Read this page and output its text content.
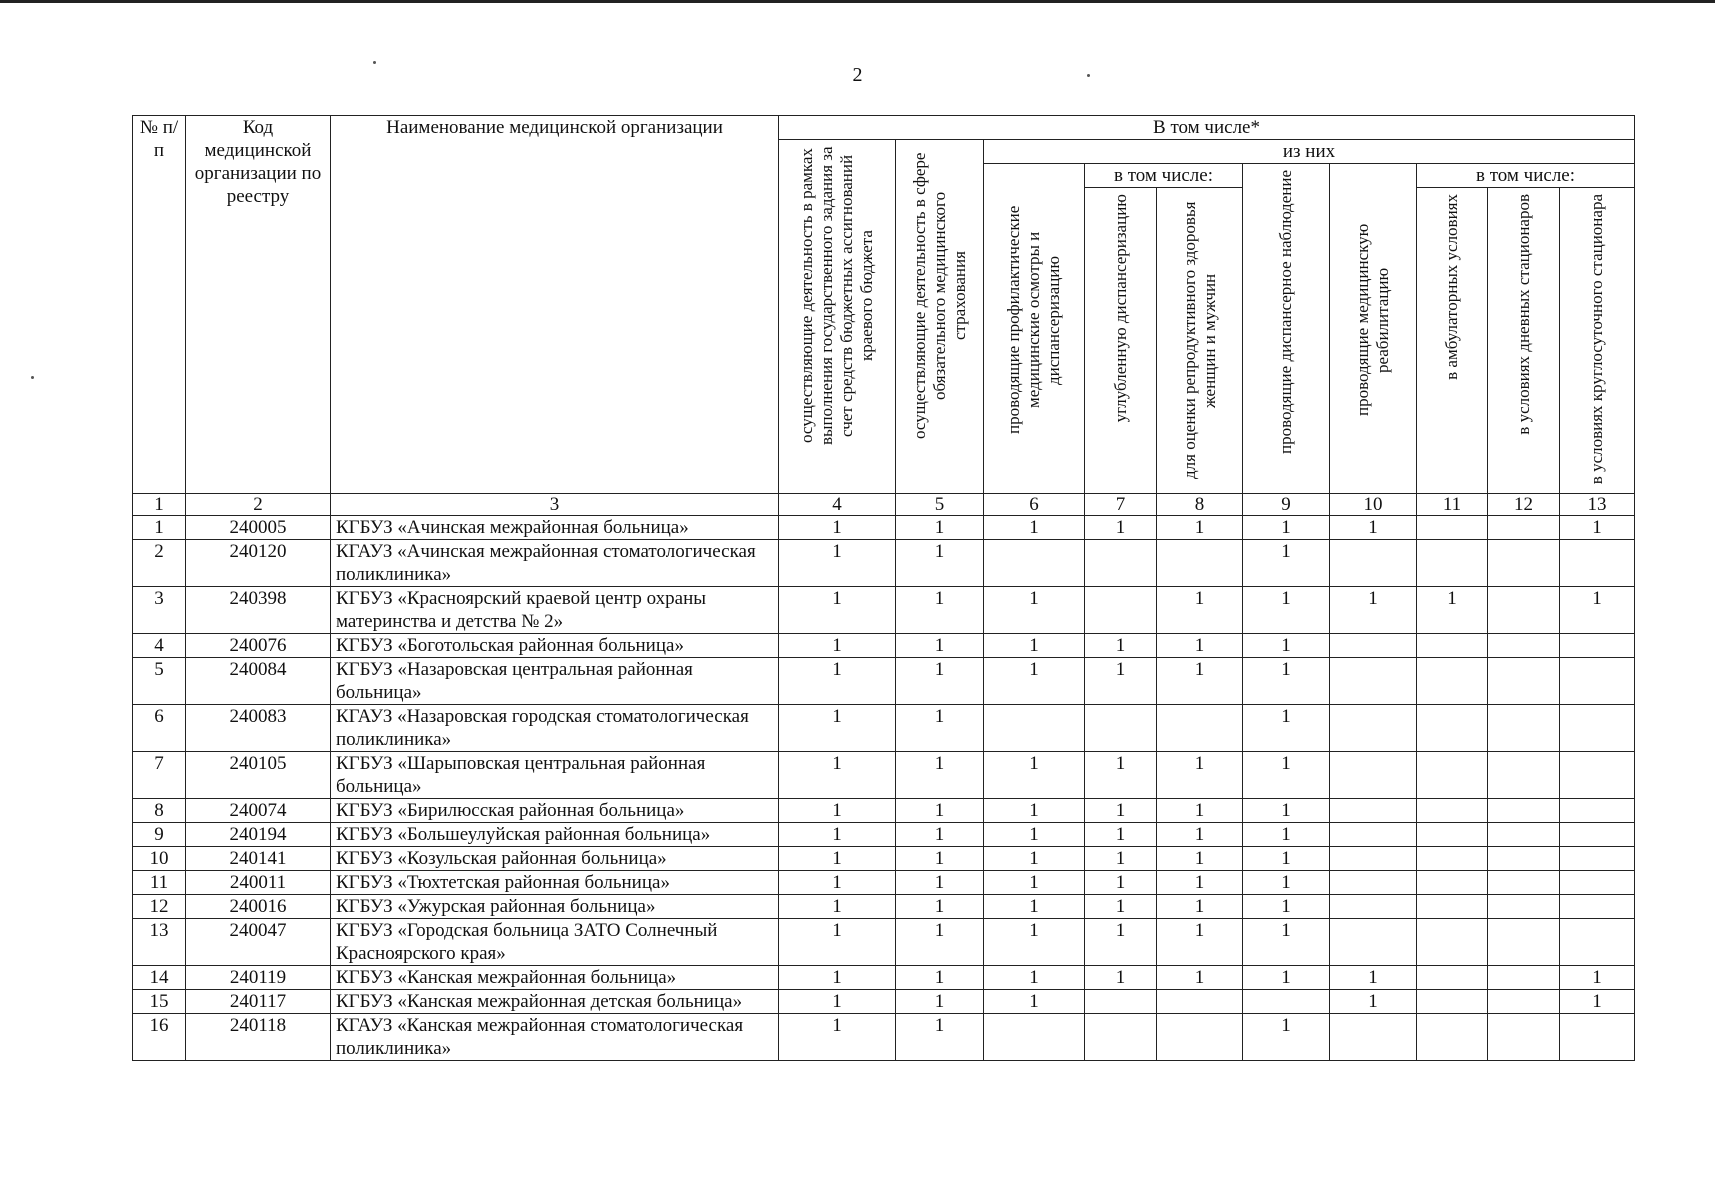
2
№ п/п	Код медицинской организации по реестру	Наименование медицинской организации	В том числе*									

			осуществляющие деятельность в рамках выполнения государственного задания за счет средств бюджетных ассигнований краевого бюджета	осуществляющие деятельность в сфере обязательного медицинского страхования	из них							

					проводящие профилактические медицинские осмотры и диспансеризацию	в том числе:		проводящие диспансерное наблюдение	проводящие медицинскую реабилитацию	в том числе:		

						углубленную диспансеризацию	для оценки репродуктивного здоровья женщин и мужчин			в амбулаторных условиях	в условиях дневных стационаров	в условиях круглосуточного стационара

1	2	3	4	5	6	7	8	9	10	11	12	13
1	240005	КГБУЗ «Ачинская межрайонная больница»	1	1	1	1	1	1	1			1
2	240120	КГАУЗ «Ачинская межрайонная стоматологическая поликлиника»	1	1				1				
3	240398	КГБУЗ «Красноярский краевой центр охраны материнства и детства № 2»	1	1	1		1	1	1	1		1
4	240076	КГБУЗ «Боготольская районная больница»	1	1	1	1	1	1				
5	240084	КГБУЗ «Назаровская центральная районная больница»	1	1	1	1	1	1				
6	240083	КГАУЗ «Назаровская городская стоматологическая поликлиника»	1	1				1				
7	240105	КГБУЗ «Шарыповская центральная районная больница»	1	1	1	1	1	1				
8	240074	КГБУЗ «Бирилюсская районная больница»	1	1	1	1	1	1				
9	240194	КГБУЗ «Большеулуйская районная больница»	1	1	1	1	1	1				
10	240141	КГБУЗ «Козульская районная больница»	1	1	1	1	1	1				
11	240011	КГБУЗ «Тюхтетская районная больница»	1	1	1	1	1	1				
12	240016	КГБУЗ «Ужурская районная больница»	1	1	1	1	1	1				
13	240047	КГБУЗ «Городская больница ЗАТО Солнечный Красноярского края»	1	1	1	1	1	1				
14	240119	КГБУЗ «Канская межрайонная больница»	1	1	1	1	1	1	1			1
15	240117	КГБУЗ «Канская межрайонная детская больница»	1	1	1				1			1
16	240118	КГАУЗ «Канская межрайонная стоматологическая поликлиника»	1	1				1				
